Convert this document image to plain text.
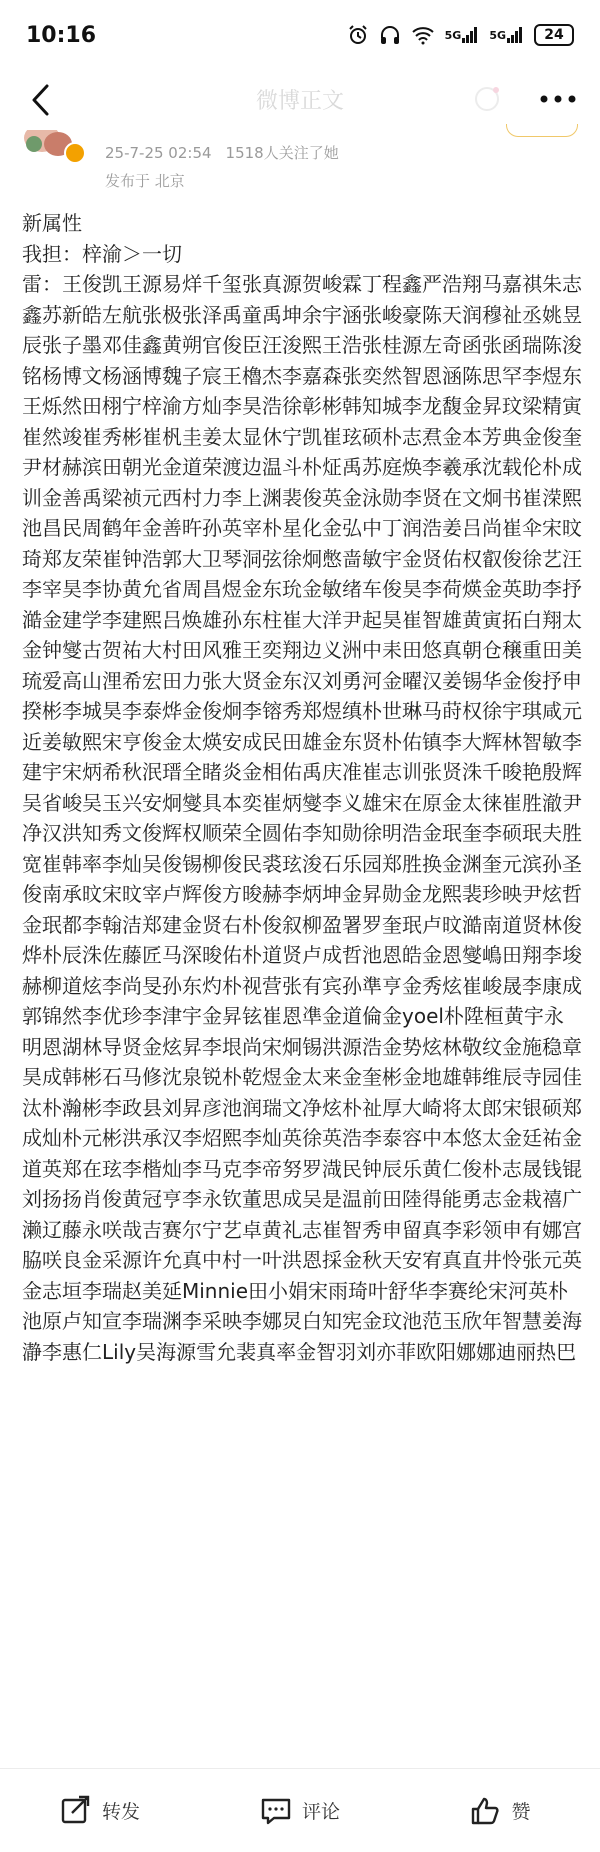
10:16	5G	5G	24
微博正文
25-7-25 02:54 1518人关注了她
发布于 北京

新属性

我担：梓渝＞一切

雷：王俊凯王源易烊千玺张真源贺峻霖丁程鑫严浩翔马嘉祺朱志鑫苏新皓左航张极张泽禹童禹坤余宇涵张峻豪陈天润穆祉丞姚昱辰张子墨邓佳鑫黄朔官俊臣汪浚熙王浩张桂源左奇函张函瑞陈浚铭杨博文杨涵博魏子宸王櫓杰李嘉森张奕然智恩涵陈思罕李煜东王烁然田栩宁梓渝方灿李昊浩徐彰彬韩知城李龙馥金昇玟梁精寅崔然竣崔秀彬崔杋圭姜太显休宁凯崔玹硕朴志焄金本芳典金俊奎尹材赫滨田朝光金道荣渡边温斗朴炡禹苏庭焕李羲承沈载伦朴成训金善禹梁祯元西村力李上渊裴俊英金泳勋李贤在文炯书崔溁熙池昌民周鹤年金善旿孙英宰朴星化金弘中丁润浩姜吕尚崔伞宋旼琦郑友荣崔钟浩郭大卫琴洞弦徐炯憋啬敏宇金贤佑权叡俊徐艺汪李宰昊李协黄允省周昌煜金东玧金敏绪车俊昊李荷煐金英助李抒澔金建学李建熙吕焕雄孙东柱崔大洋尹起昊崔智雄黄寅拓白翔太金钟燮古贺祐大村田风雅王奕翔边义洲中耒田悠真朝仓穣重田美琉爱高山浬希宏田力张大贤金东汉刘勇河金曜汉姜锡华金俊抒申揆彬李城昊李泰烨金俊炯李镕秀郑煜缜朴世琳马莳权徐宇琪咸元近姜敏熙宋亨俊金太煐安成民田雄金东贤朴佑镇李大辉林智敏李建宇宋炳希秋泯瑨全睹炎金相佑禹庆准崔志训张贤洙千晙艳殷辉吴省峻吴玉兴安炯燮具本奕崔炳燮李义雄宋在原金太徕崔胜澈尹净汉洪知秀文俊辉权顺荣全圆佑李知勋徐明浩金珉奎李硕珉夫胜宽崔韩率李灿吴俊锡柳俊民裘玹浚石乐园郑胜换金渊奎元滨孙圣俊南承旼宋旼宰卢辉俊方晙赫李炳坤金昇勋金龙熙裴珍映尹炫哲金珉都李翰洁郑建金贤右朴俊叙柳盈署罗奎珉卢旼澔南道贤林俊烨朴辰洙佐藤匠马深晙佑朴道贤卢成哲池恩皓金恩燮嶋田翔李埈赫柳道炫李尚旻孙东灼朴视营张有宾孙準亨金秀炫崔峻晟李康成郭锦然李优珍李津宇金昇铉崔恩凖金道倫金yoel朴陞桓黄宇永明恩湖林导贤金炫昇李垠尚宋炯锡洪源浩金势炫林敬纹金施稳章昊成韩彬石马修沈泉锐朴乾煜金太来金奎彬金地雄韩维辰寺园佳汰朴瀚彬李政县刘昇彦池润瑞文净炫朴祉厚大崎将太郎宋银硕郑成灿朴元彬洪承汉李炤熙李灿英徐英浩李泰容中本悠太金廷祐金道英郑在玹李楷灿李马克李帝努罗渽民钟辰乐黄仁俊朴志晟钱锟刘扬扬肖俊黄冠亨李永钦董思成吴是温前田陸得能勇志金栽禧广濑辽藤永咲哉吉赛尔宁艺卓黄礼志崔智秀申留真李彩领申有娜宫脇咲良金采源许允真中村一叶洪恩採金秋天安宥真直井怜张元英金志垣李瑞赵美延Minnie田小娟宋雨琦叶舒华李赛纶宋河英朴池原卢知宣李瑞渊李采映李娜炅白知宪金玟池范玉欣年智慧姜海瀞李惠仁Lily吴海源雪允裴真率金智羽刘亦菲欧阳娜娜迪丽热巴

转发	评论	赞
